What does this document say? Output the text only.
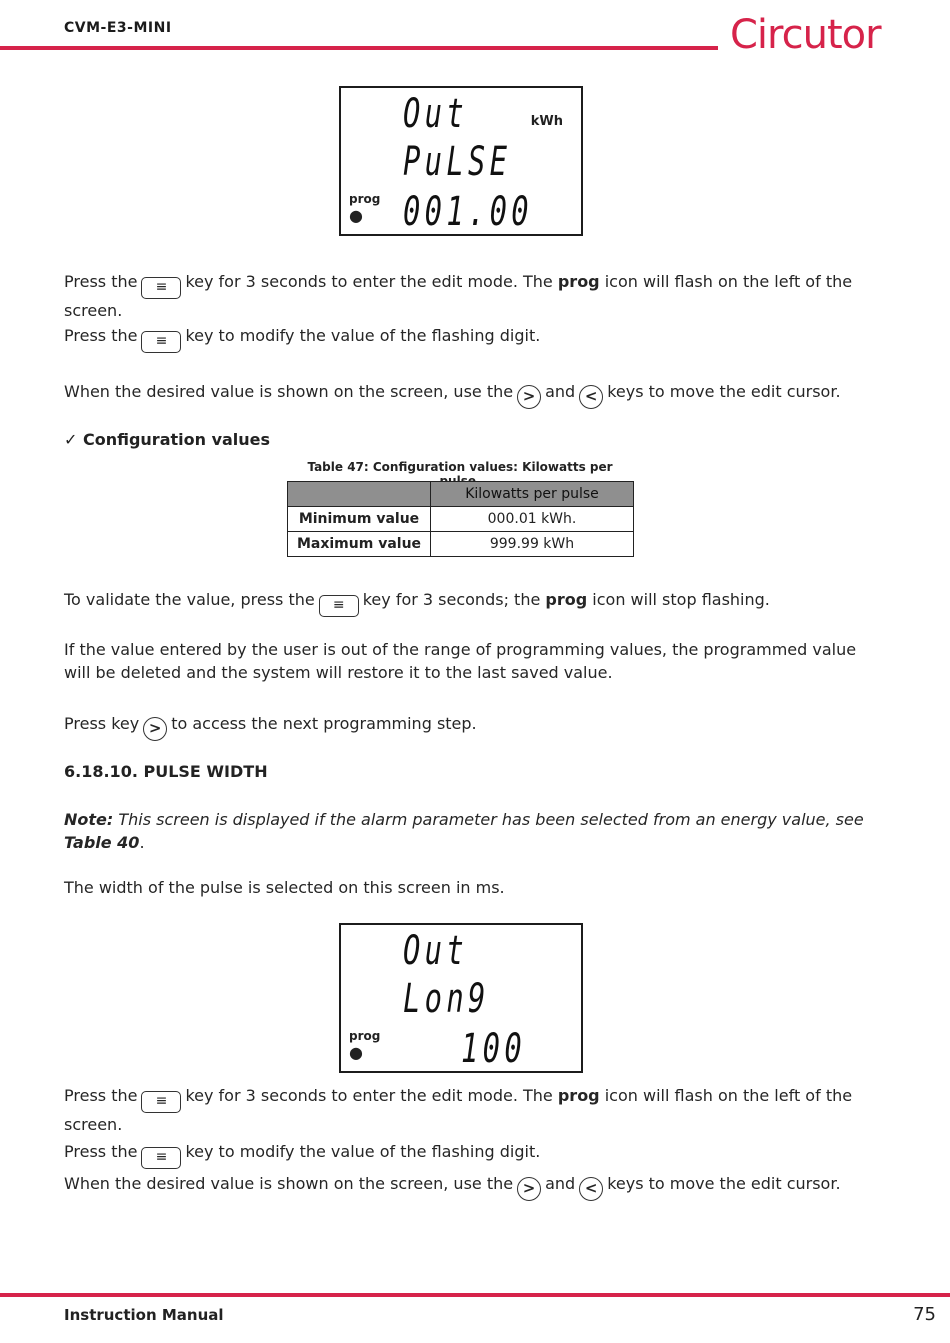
CVM-E3-MINI	Circutor
Out	kWh
PuLSE
prog
● 001.00
Press the ≡ key for 3 seconds to enter the edit mode. The prog icon will flash on the left of the screen.
Press the ≡ key to modify the value of the flashing digit.
When the desired value is shown on the screen, use the > and < keys to move the edit cursor.
✓ Configuration values
Table 47: Configuration values: Kilowatts per
	Kilowatts per pulse
Minimum value	000.01 kWh.
Maximum value	999.99 kWh
To validate the value, press the ≡ key for 3 seconds; the prog icon will stop flashing.
If the value entered by the user is out of the range of programming values, the programmed value will be deleted and the system will restore it to the last saved value.
Press key > to access the next programming step.
6.18.10. PULSE WIDTH
Note: This screen is displayed if the alarm parameter has been selected from an energy value, see Table 40.
The width of the pulse is selected on this screen in ms.
Out
Lon9
prog
● 100
Press the ≡ key for 3 seconds to enter the edit mode. The prog icon will flash on the left of the screen.
Press the ≡ key to modify the value of the flashing digit.
When the desired value is shown on the screen, use the > and < keys to move the edit cursor.
Instruction Manual	75
